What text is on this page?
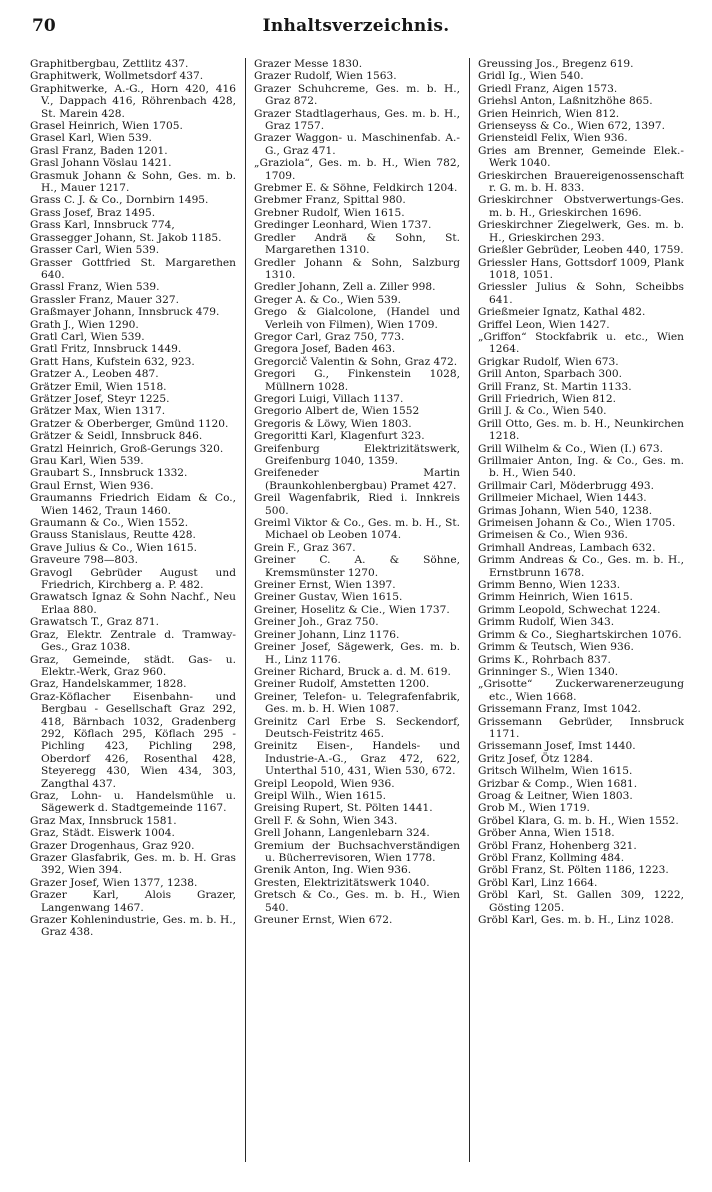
70	Inhaltsverzeichnis.

Graphitbergbau, Zettlitz 437.

Graphitwerk, Wollmetsdorf 437.

Graphitwerke, A.-G., Horn 420, 416 V., Dappach 416, Röhrenbach 428, St. Marein 428.

Grasel Heinrich, Wien 1705.

Grasel Karl, Wien 539.

Grasl Franz, Baden 1201.

Grasl Johann Vöslau 1421.

Grasmuk Johann & Sohn, Ges. m. b. H., Mauer 1217.

Grass C. J. & Co., Dornbirn 1495.

Grass Josef, Braz 1495.

Grass Karl, Innsbruck 774,

Grassegger Johann, St. Jakob 1185.

Grasser Carl, Wien 539.

Grasser Gottfried St. Margarethen 640.

Grassl Franz, Wien 539.

Grassler Franz, Mauer 327.

Graßmayer Johann, Innsbruck 479.

Grath J., Wien 1290.

Gratl Carl, Wien 539.

Gratl Fritz, Innsbruck 1449.

Gratt Hans, Kufstein 632, 923.

Gratzer A., Leoben 487.

Grätzer Emil, Wien 1518.

Grätzer Josef, Steyr 1225.

Grätzer Max, Wien 1317.

Gratzer & Oberberger, Gmünd 1120.

Grätzer & Seidl, Innsbruck 846.

Gratzl Heinrich, Groß-Gerungs 320.

Grau Karl, Wien 539.

Graubart S., Innsbruck 1332.

Graul Ernst, Wien 936.

Graumanns Friedrich Eidam & Co., Wien 1462, Traun 1460.

Graumann & Co., Wien 1552.

Grauss Stanislaus, Reutte 428.

Grave Julius & Co., Wien 1615.

Graveure 798—803.

Gravogl Gebrüder August und Friedrich, Kirchberg a. P. 482.

Grawatsch Ignaz & Sohn Nachf., Neu Erlaa 880.

Grawatsch T., Graz 871.

Graz, Elektr. Zentrale d. Tramway-Ges., Graz 1038.

Graz, Gemeinde, städt. Gas- u. Elektr.-Werk, Graz 960.

Graz, Handelskammer, 1828.

Graz-Köflacher Eisenbahn- und Bergbau - Gesellschaft Graz 292, 418, Bärnbach 1032, Gradenberg 292, Köflach 295, Köflach 295 - Pichling 423, Pichling 298, Oberdorf 426, Rosenthal 428, Steyeregg 430, Wien 434, 303, Zangthal 437.

Graz, Lohn- u. Handelsmühle u. Sägewerk d. Stadtgemeinde 1167.

Graz Max, Innsbruck 1581.

Graz, Städt. Eiswerk 1004.

Grazer Drogenhaus, Graz 920.

Grazer Glasfabrik, Ges. m. b. H. Gras 392, Wien 394.

Grazer Josef, Wien 1377, 1238.

Grazer Karl, Alois Grazer, Langenwang 1467.

Grazer Kohlenindustrie, Ges. m. b. H., Graz 438.

Grazer Messe 1830.

Grazer Rudolf, Wien 1563.

Grazer Schuhcreme, Ges. m. b. H., Graz 872.

Grazer Stadtlagerhaus, Ges. m. b. H., Graz 1757.

Grazer Waggon- u. Maschinenfab. A.-G., Graz 471.

„Graziola“, Ges. m. b. H., Wien 782, 1709.

Grebmer E. & Söhne, Feldkirch 1204.

Grebmer Franz, Spittal 980.

Grebner Rudolf, Wien 1615.

Gredinger Leonhard, Wien 1737.

Gredler Andrä & Sohn, St. Margarethen 1310.

Gredler Johann & Sohn, Salzburg 1310.

Gredler Johann, Zell a. Ziller 998.

Greger A. & Co., Wien 539.

Grego & Gialcolone, (Handel und Verleih von Filmen), Wien 1709.

Gregor Carl, Graz 750, 773.

Gregora Josef, Baden 463.

Gregorcič Valentin & Sohn, Graz 472.

Gregori G., Finkenstein 1028, Müllnern 1028.

Gregori Luigi, Villach 1137.

Gregorio Albert de, Wien 1552

Gregoris & Löwy, Wien 1803.

Gregoritti Karl, Klagenfurt 323.

Greifenburg Elektrizitätswerk, Greifenburg 1040, 1359.

Greifeneder Martin (Braunkohlenbergbau) Pramet 427.

Greil Wagenfabrik, Ried i. Innkreis 500.

Greiml Viktor & Co., Ges. m. b. H., St. Michael ob Leoben 1074.

Grein F., Graz 367.

Greiner C. A. & Söhne, Kremsmünster 1270.

Greiner Ernst, Wien 1397.

Greiner Gustav, Wien 1615.

Greiner, Hoselitz & Cie., Wien 1737.

Greiner Joh., Graz 750.

Greiner Johann, Linz 1176.

Greiner Josef, Sägewerk, Ges. m. b. H., Linz 1176.

Greiner Richard, Bruck a. d. M. 619.

Greiner Rudolf, Amstetten 1200.

Greiner, Telefon- u. Telegrafenfabrik, Ges. m. b. H. Wien 1087.

Greinitz Carl Erbe S. Seckendorf, Deutsch-Feistritz 465.

Greinitz Eisen-, Handels- und Industrie-A.-G., Graz 472, 622, Unterthal 510, 431, Wien 530, 672.

Greipl Leopold, Wien 936.

Greipl Wilh., Wien 1615.

Greising Rupert, St. Pölten 1441.

Grell F. & Sohn, Wien 343.

Grell Johann, Langenlebarn 324.

Gremium der Buchsachverständigen u. Bücherrevisoren, Wien 1778.

Grenik Anton, Ing. Wien 936.

Gresten, Elektrizitätswerk 1040.

Gretsch & Co., Ges. m. b. H., Wien 540.

Greuner Ernst, Wien 672.

Greussing Jos., Bregenz 619.

Gridl Ig., Wien 540.

Griedl Franz, Aigen 1573.

Griehsl Anton, Laßnitzhöhe 865.

Grien Heinrich, Wien 812.

Grienseyss & Co., Wien 672, 1397.

Griensteidl Felix, Wien 936.

Gries am Brenner, Gemeinde Elek.-Werk 1040.

Grieskirchen Brauereigenossenschaft r. G. m. b. H. 833.

Grieskirchner Obstverwertungs-Ges. m. b. H., Grieskirchen 1696.

Grieskirchner Ziegelwerk, Ges. m. b. H., Grieskirchen 293.

Grießler Gebrüder, Leoben 440, 1759.

Griessler Hans, Gottsdorf 1009, Plank 1018, 1051.

Griessler Julius & Sohn, Scheibbs 641.

Grießmeier Ignatz, Kathal 482.

Griffel Leon, Wien 1427.

„Griffon“ Stockfabrik u. etc., Wien 1264.

Grigkar Rudolf, Wien 673.

Grill Anton, Sparbach 300.

Grill Franz, St. Martin 1133.

Grill Friedrich, Wien 812.

Grill J. & Co., Wien 540.

Grill Otto, Ges. m. b. H., Neunkirchen 1218.

Grill Wilhelm & Co., Wien (I.) 673.

Grillmaier Anton, Ing. & Co., Ges. m. b. H., Wien 540.

Grillmair Carl, Möderbrugg 493.

Grillmeier Michael, Wien 1443.

Grimas Johann, Wien 540, 1238.

Grimeisen Johann & Co., Wien 1705.

Grimeisen & Co., Wien 936.

Grimhall Andreas, Lambach 632.

Grimm Andreas & Co., Ges. m. b. H., Ernstbrunn 1678.

Grimm Benno, Wien 1233.

Grimm Heinrich, Wien 1615.

Grimm Leopold, Schwechat 1224.

Grimm Rudolf, Wien 343.

Grimm & Co., Sieghartskirchen 1076.

Grimm & Teutsch, Wien 936.

Grims K., Rohrbach 837.

Grinninger S., Wien 1340.

„Grisotte“ Zuckerwarenerzeugung etc., Wien 1668.

Grissemann Franz, Imst 1042.

Grissemann Gebrüder, Innsbruck 1171.

Grissemann Josef, Imst 1440.

Gritz Josef, Ötz 1284.

Gritsch Wilhelm, Wien 1615.

Grizbar & Comp., Wien 1681.

Groag & Leitner, Wien 1803.

Grob M., Wien 1719.

Gröbel Klara, G. m. b. H., Wien 1552.

Gröber Anna, Wien 1518.

Gröbl Franz, Hohenberg 321.

Gröbl Franz, Kollming 484.

Gröbl Franz, St. Pölten 1186, 1223.

Gröbl Karl, Linz 1664.

Gröbl Karl, St. Gallen 309, 1222, Gösting 1205.

Gröbl Karl, Ges. m. b. H., Linz 1028.
